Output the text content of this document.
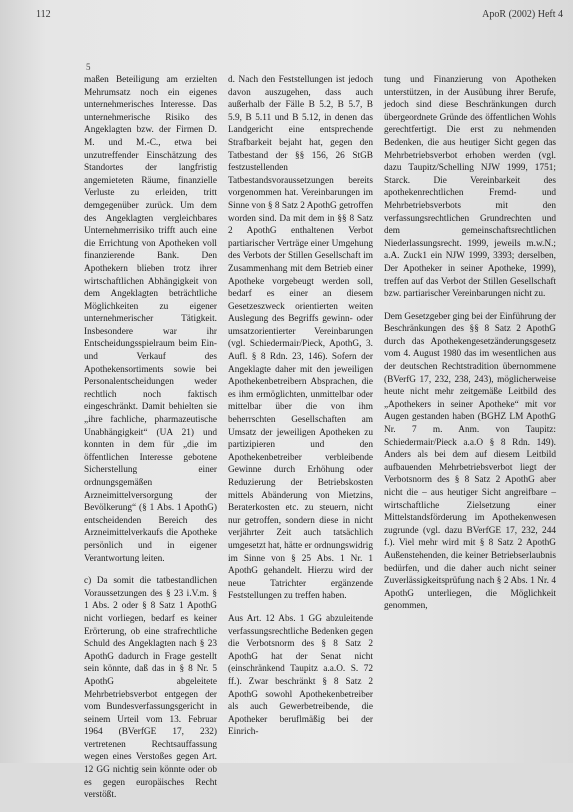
112	ApoR (2002) Heft 4
5

maßen Beteiligung am erzielten Mehrumsatz noch ein eigenes unternehmerisches Interesse. Das unternehmerische Risiko des Angeklagten bzw. der Firmen D. M. und M.-C., etwa bei unzutreffender Einschätzung des Standortes der langfristig angemieteten Räume, finanzielle Verluste zu erleiden, tritt demgegenüber zurück. Um dem des Angeklagten vergleichbares Unternehmerrisiko trifft auch eine die Errichtung von Apotheken voll finanzierende Bank. Den Apothekern blieben trotz ihrer wirtschaftlichen Abhängigkeit von dem Angeklagten beträchtliche Möglichkeiten zu eigener unternehmerischer Tätigkeit. Insbesondere war ihr Entscheidungsspielraum beim Ein- und Verkauf des Apothekensortiments sowie bei Personalentscheidungen weder rechtlich noch faktisch eingeschränkt. Damit behielten sie „ihre fachliche, pharmazeutische Unabhängigkeit“ (UA 21) und konnten in dem für „die im öffentlichen Interesse gebotene Sicherstellung einer ordnungsgemäßen Arzneimittelversorgung der Bevölkerung“ (§ 1 Abs. 1 ApothG) entscheidenden Bereich des Arzneimittelverkaufs die Apotheke persönlich und in eigener Verantwortung leiten.

c) Da somit die tatbestandlichen Voraussetzungen des § 23 i.V.m. § 1 Abs. 2 oder § 8 Satz 1 ApothG nicht vorliegen, bedarf es keiner Erörterung, ob eine strafrechtliche Schuld des Angeklagten nach § 23 ApothG dadurch in Frage gestellt sein könnte, daß das in § 8 Nr. 5 ApothG abgeleitete Mehrbetriebsverbot entgegen der vom Bundesverfassungsgericht in seinem Urteil vom 13. Februar 1964 (BVerfGE 17, 232) vertretenen Rechtsauffassung wegen eines Verstoßes gegen Art. 12 GG nichtig sein könnte oder ob es gegen europäisches Recht verstößt.

d. Nach den Feststellungen ist jedoch davon auszugehen, dass auch außerhalb der Fälle B 5.2, B 5.7, B 5.9, B 5.11 und B 5.12, in denen das Landgericht eine entsprechende Strafbarkeit bejaht hat, gegen den Tatbestand der §§ 156, 26 StGB festzustellenden Tatbestandsvoraussetzungen bereits vorgenommen hat. Vereinbarungen im Sinne von § 8 Satz 2 ApothG getroffen worden sind. Da mit dem in §§ 8 Satz 2 ApothG enthaltenen Verbot partiarischer Verträge einer Umgehung des Verbots der Stillen Gesellschaft im Zusammenhang mit dem Betrieb einer Apotheke vorgebeugt werden soll, bedarf es einer an diesem Gesetzeszweck orientierten weiten Auslegung des Begriffs gewinn- oder umsatzorientierter Vereinbarungen (vgl. Schiedermair/Pieck, ApothG, 3. Aufl. § 8 Rdn. 23, 146). Sofern der Angeklagte daher mit den jeweiligen Apothekenbetreibern Absprachen, die es ihm ermöglichten, unmittelbar oder mittelbar über die von ihm beherrschten Gesellschaften am Umsatz der jeweiligen Apotheken zu partizipieren und den Apothekenbetreiber verbleibende Gewinne durch Erhöhung oder Reduzierung der Betriebskosten mittels Abänderung von Mietzins, Beraterkosten etc. zu steuern, nicht nur getroffen, sondern diese in nicht verjährter Zeit auch tatsächlich umgesetzt hat, hätte er ordnungswidrig im Sinne von § 25 Abs. 1 Nr. 1 ApothG gehandelt. Hierzu wird der neue Tatrichter ergänzende Feststellungen zu treffen haben.

Aus Art. 12 Abs. 1 GG abzuleitende verfassungsrechtliche Bedenken gegen die Verbotsnorm des § 8 Satz 2 ApothG hat der Senat nicht (einschränkend Taupitz a.a.O. S. 72 ff.). Zwar beschränkt § 8 Satz 2 ApothG sowohl Apothekenbetreiber als auch Gewerbetreibende, die Apotheker beruflmäßig bei der Einrich-

tung und Finanzierung von Apotheken unterstützen, in der Ausübung ihrer Berufe, jedoch sind diese Beschränkungen durch übergeordnete Gründe des öffentlichen Wohls gerechtfertigt. Die erst zu nehmenden Bedenken, die aus heutiger Sicht gegen das Mehrbetriebsverbot erhoben werden (vgl. dazu Taupitz/Schelling NJW 1999, 1751; Starck. Die Vereinbarkeit des apothekenrechtlichen Fremd- und Mehrbetriebsverbots mit den verfassungsrechtlichen Grundrechten und dem gemeinschaftsrechtlichen Niederlassungsrecht. 1999, jeweils m.w.N.; a.A. Zuck1 ein NJW 1999, 3393; derselben, Der Apotheker in seiner Apotheke, 1999), treffen auf das Verbot der Stillen Gesellschaft bzw. partiarischer Vereinbarungen nicht zu.

Dem Gesetzgeber ging bei der Einführung der Beschränkungen des §§ 8 Satz 2 ApothG durch das Apothekengesetzänderungsgesetz vom 4. August 1980 das im wesentlichen aus der deutschen Rechtstradition übernommene (BVerfG 17, 232, 238, 243), möglicherweise heute nicht mehr zeitgemäße Leitbild des „Apothekers in seiner Apotheke“ mit vor Augen gestanden haben (BGHZ LM ApothG Nr. 7 m. Anm. von Taupitz: Schiedermair/Pieck a.a.O § 8 Rdn. 149). Anders als bei dem auf diesem Leitbild aufbauenden Mehrbetriebsverbot liegt der Verbotsnorm des § 8 Satz 2 ApothG aber nicht die – aus heutiger Sicht angreifbare – wirtschaftliche Zielsetzung einer Mittelstandsförderung im Apothekenwesen zugrunde (vgl. dazu BVerfGE 17, 232, 244 f.). Viel mehr wird mit § 8 Satz 2 ApothG Außenstehenden, die keiner Betriebserlaubnis bedürfen, und die daher auch nicht seiner Zuverlässigkeitsprüfung nach § 2 Abs. 1 Nr. 4 ApothG unterliegen, die Möglichkeit genommen,
